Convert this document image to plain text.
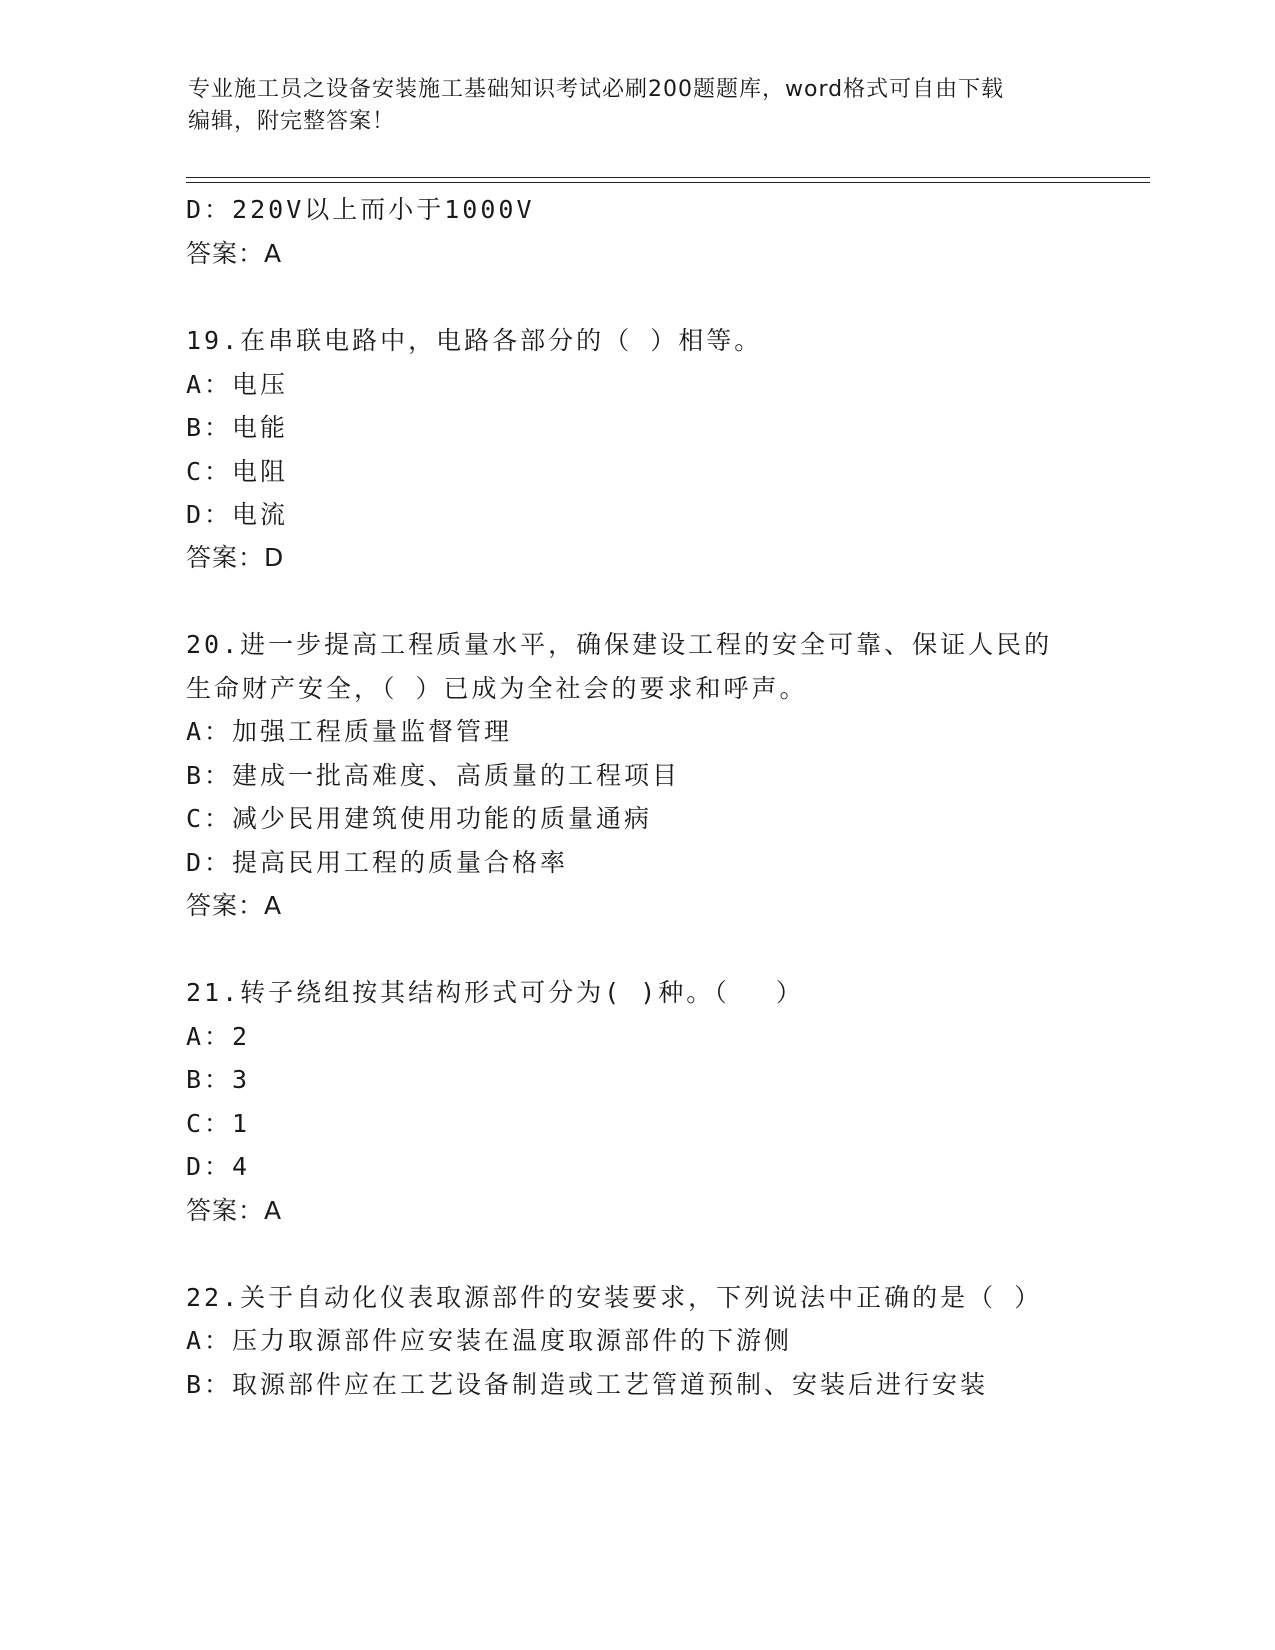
专业施工员之设备安装施工基础知识考试必刷200题题库，word格式可自由下载
编辑，附完整答案！
D：220V以上而小于1000V
答案：A
19.在串联电路中，电路各部分的（ ）相等。
A：电压
B：电能
C：电阻
D：电流
答案：D
20.进一步提高工程质量水平，确保建设工程的安全可靠、保证人民的
生命财产安全，（ ）已成为全社会的要求和呼声。
A：加强工程质量监督管理
B：建成一批高难度、高质量的工程项目
C：减少民用建筑使用功能的质量通病
D：提高民用工程的质量合格率
答案：A
21.转子绕组按其结构形式可分为( )种。（　 ）
A：2
B：3
C：1
D：4
答案：A
22.关于自动化仪表取源部件的安装要求，下列说法中正确的是（ ）
A：压力取源部件应安装在温度取源部件的下游侧
B：取源部件应在工艺设备制造或工艺管道预制、安装后进行安装
